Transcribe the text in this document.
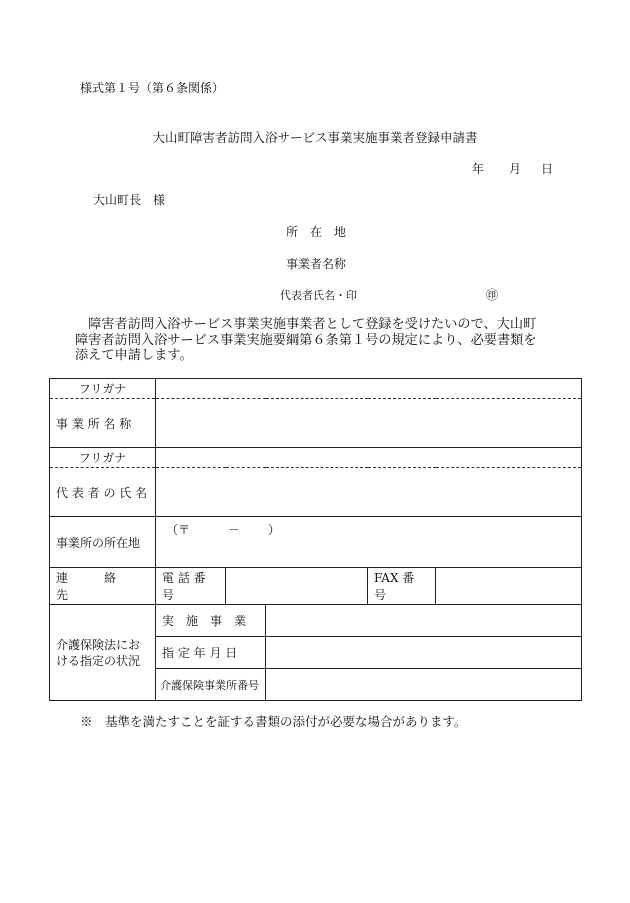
様式第１号（第６条関係）
大山町障害者訪問入浴サービス事業実施事業者登録申請書
年 月 日
大山町長　様
所　在　地
事業者名称
代表者氏名・印	㊞
　障害者訪問入浴サービス事業実施事業者として登録を受けたいので、大山町
障害者訪問入浴サービス事業実施要綱第６条第１号の規定により、必要書類を
添えて申請します。
フリガナ					
事 業 所 名 称					
フリガナ					
代 表 者 の 氏 名					
事業所の所在地	（〒 － ）				

連　　　絡　　　先	電 話 番 号			FAX 番 号	
介護保険法における指定の状況	実　施　事　業				
	指 定 年 月 日				
	介護保険事業所番号				
※　基準を満たすことを証する書類の添付が必要な場合があります。
